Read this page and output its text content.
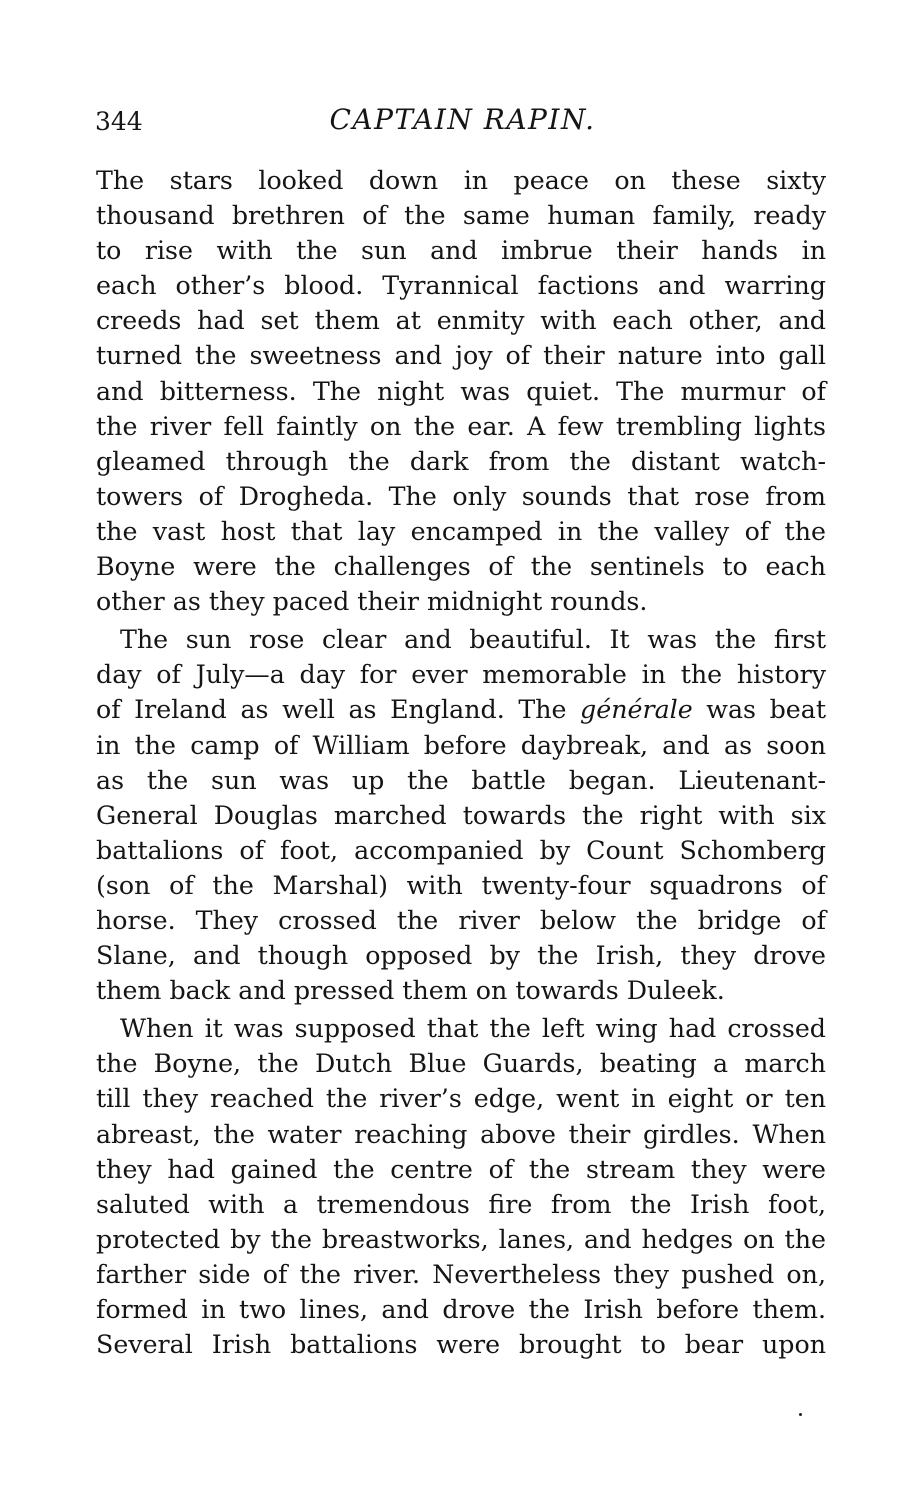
344	CAPTAIN RAPIN.
The stars looked down in peace on these sixty
thousand brethren of the same human family, ready
to rise with the sun and imbrue their hands in
each other’s blood. Tyrannical factions and warring
creeds had set them at enmity with each other, and
turned the sweetness and joy of their nature into gall
and bitterness. The night was quiet. The murmur of
the river fell faintly on the ear. A few trembling lights
gleamed through the dark from the distant watch-
towers of Drogheda. The only sounds that rose from
the vast host that lay encamped in the valley of the
Boyne were the challenges of the sentinels to each
other as they paced their midnight rounds.
The sun rose clear and beautiful. It was the first
day of July—a day for ever memorable in the history
of Ireland as well as England. The générale was beat
in the camp of William before daybreak, and as soon
as the sun was up the battle began. Lieutenant-
General Douglas marched towards the right with six
battalions of foot, accompanied by Count Schomberg
(son of the Marshal) with twenty-four squadrons of
horse. They crossed the river below the bridge of
Slane, and though opposed by the Irish, they drove
them back and pressed them on towards Duleek.
When it was supposed that the left wing had crossed
the Boyne, the Dutch Blue Guards, beating a march
till they reached the river’s edge, went in eight or ten
abreast, the water reaching above their girdles. When
they had gained the centre of the stream they were
saluted with a tremendous fire from the Irish foot,
protected by the breastworks, lanes, and hedges on the
farther side of the river. Nevertheless they pushed on,
formed in two lines, and drove the Irish before them.
Several Irish battalions were brought to bear upon
